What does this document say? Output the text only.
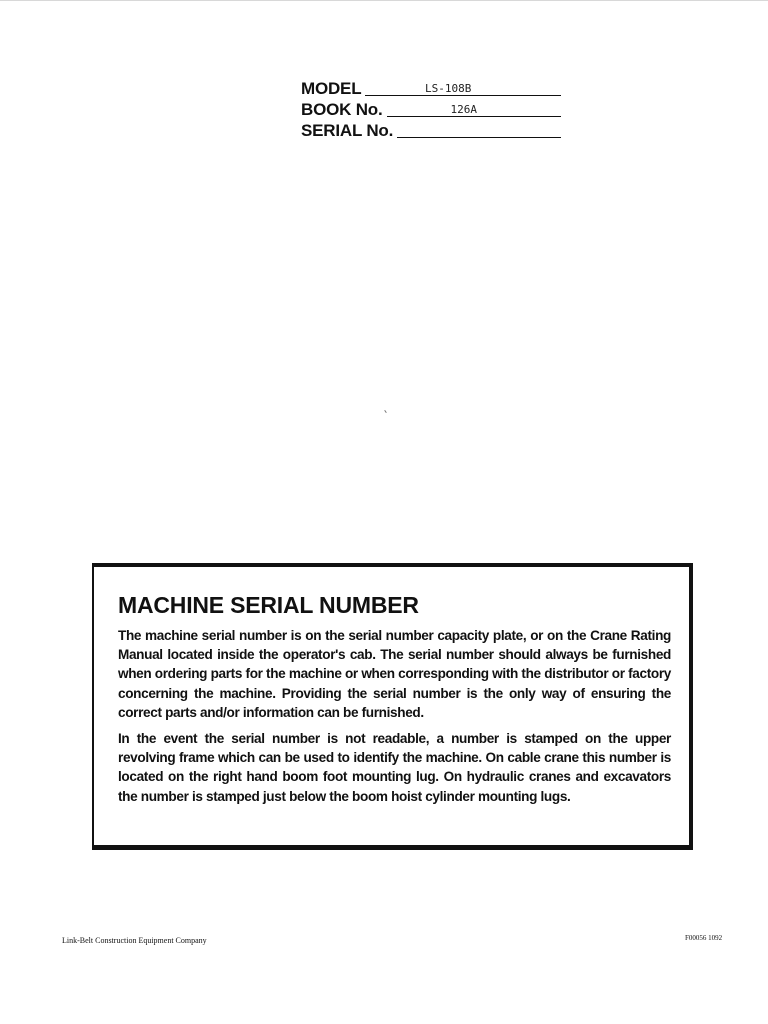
MODEL	LS-108B
BOOK No.	126A
SERIAL No.
MACHINE SERIAL NUMBER

The machine serial number is on the serial number capacity plate, or on the Crane Rating Manual located inside the operator's cab. The serial number should always be furnished when ordering parts for the machine or when corresponding with the distributor or factory concerning the machine. Providing the serial number is the only way of ensuring the correct parts and/or information can be furnished.

In the event the serial number is not readable, a number is stamped on the upper revolving frame which can be used to identify the machine. On cable crane this number is located on the right hand boom foot mounting lug. On hydraulic cranes and excavators the number is stamped just below the boom hoist cylinder mounting lugs.

Link-Belt Construction Equipment Company	F00056 1092
